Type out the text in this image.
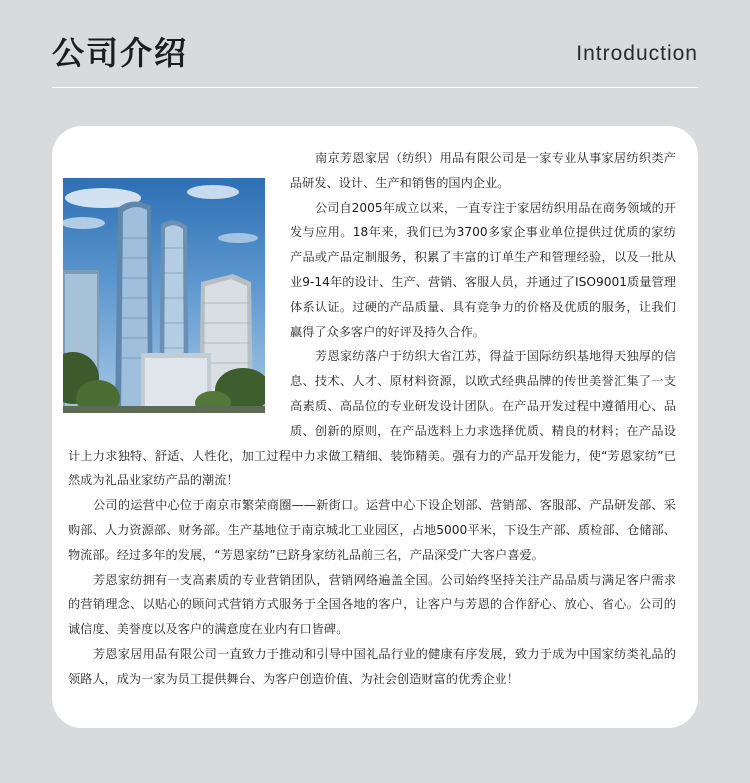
公司介绍	Introduction

南京芳恩家居（纺织）用品有限公司是一家专业从事家居纺织类产品研发、设计、生产和销售的国内企业。

公司自2005年成立以来，一直专注于家居纺织用品在商务领域的开发与应用。18年来，我们已为3700多家企事业单位提供过优质的家纺产品或产品定制服务，积累了丰富的订单生产和管理经验，以及一批从业9-14年的设计、生产、营销、客服人员，并通过了ISO9001质量管理体系认证。过硬的产品质量、具有竞争力的价格及优质的服务，让我们赢得了众多客户的好评及持久合作。

芳恩家纺落户于纺织大省江苏，得益于国际纺织基地得天独厚的信息、技术、人才、原材料资源，以欧式经典品牌的传世美誉汇集了一支高素质、高品位的专业研发设计团队。在产品开发过程中遵循用心、品质、创新的原则，在产品选料上力求选择优质、精良的材料；在产品设计上力求独特、舒适、人性化，加工过程中力求做工精细、装饰精美。强有力的产品开发能力，使“芳恩家纺”已然成为礼品业家纺产品的潮流！

公司的运营中心位于南京市繁荣商圈——新街口。运营中心下设企划部、营销部、客服部、产品研发部、采购部、人力资源部、财务部。生产基地位于南京城北工业园区，占地5000平米，下设生产部、质检部、仓储部、物流部。经过多年的发展，“芳恩家纺”已跻身家纺礼品前三名，产品深受广大客户喜爱。

芳恩家纺拥有一支高素质的专业营销团队，营销网络遍盖全国。公司始终坚持关注产品品质与满足客户需求的营销理念、以贴心的顾问式营销方式服务于全国各地的客户，让客户与芳恩的合作舒心、放心、省心。公司的诚信度、美誉度以及客户的满意度在业内有口皆碑。

芳恩家居用品有限公司一直致力于推动和引导中国礼品行业的健康有序发展，致力于成为中国家纺类礼品的领路人，成为一家为员工提供舞台、为客户创造价值、为社会创造财富的优秀企业！
